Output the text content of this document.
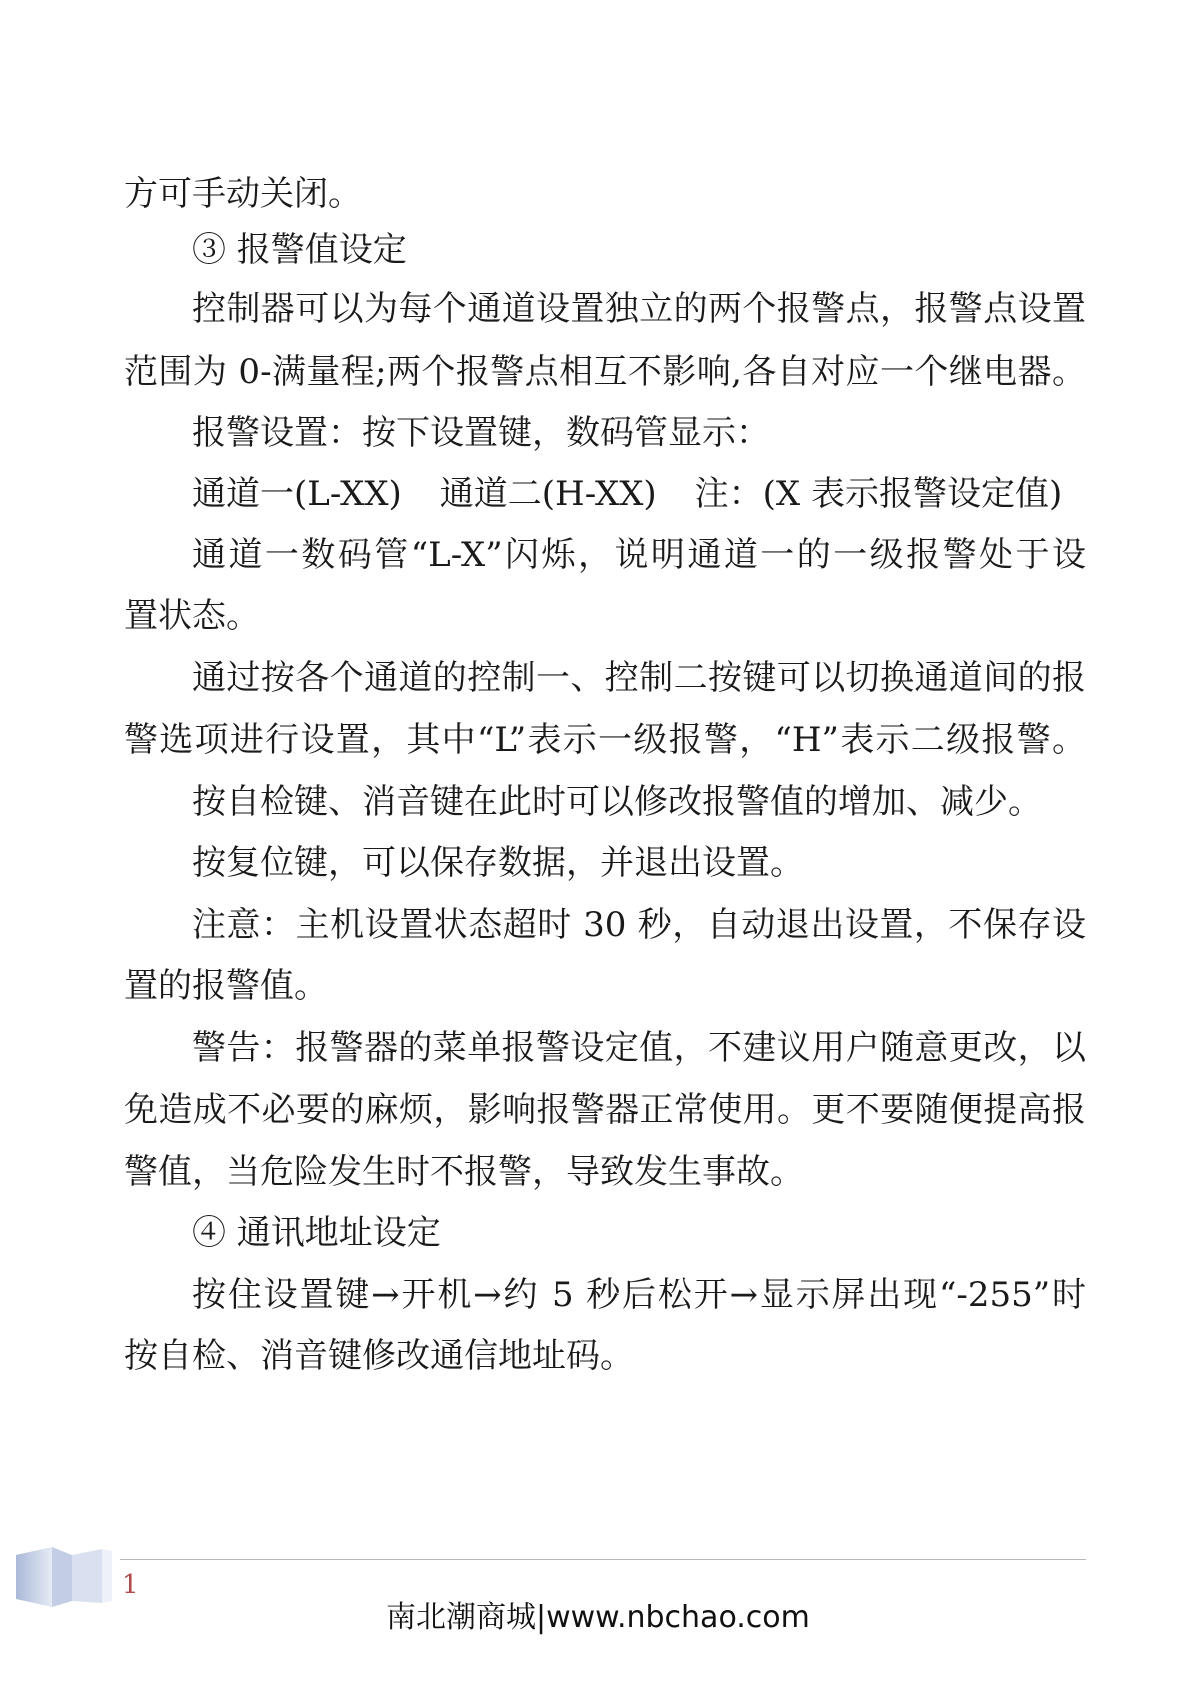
方可手动关闭。
③ 报警值设定
控制器可以为每个通道设置独立的两个报警点，报警点设置
范围为 0-满量程;两个报警点相互不影响,各自对应一个继电器。
报警设置：按下设置键，数码管显示：
通道一(L-XX) 通道二(H-XX) 注：(X 表示报警设定值)
通道一数码管“L-X”闪烁，说明通道一的一级报警处于设
置状态。
通过按各个通道的控制一、控制二按键可以切换通道间的报
警选项进行设置，其中“L”表示一级报警，“H”表示二级报警。
按自检键、消音键在此时可以修改报警值的增加、减少。
按复位键，可以保存数据，并退出设置。
注意：主机设置状态超时 30 秒，自动退出设置，不保存设
置的报警值。
警告：报警器的菜单报警设定值，不建议用户随意更改，以
免造成不必要的麻烦，影响报警器正常使用。更不要随便提高报
警值，当危险发生时不报警，导致发生事故。
④ 通讯地址设定
按住设置键→开机→约 5 秒后松开→显示屏出现“-255”时
按自检、消音键修改通信地址码。
1
南北潮商城|www.nbchao.com
